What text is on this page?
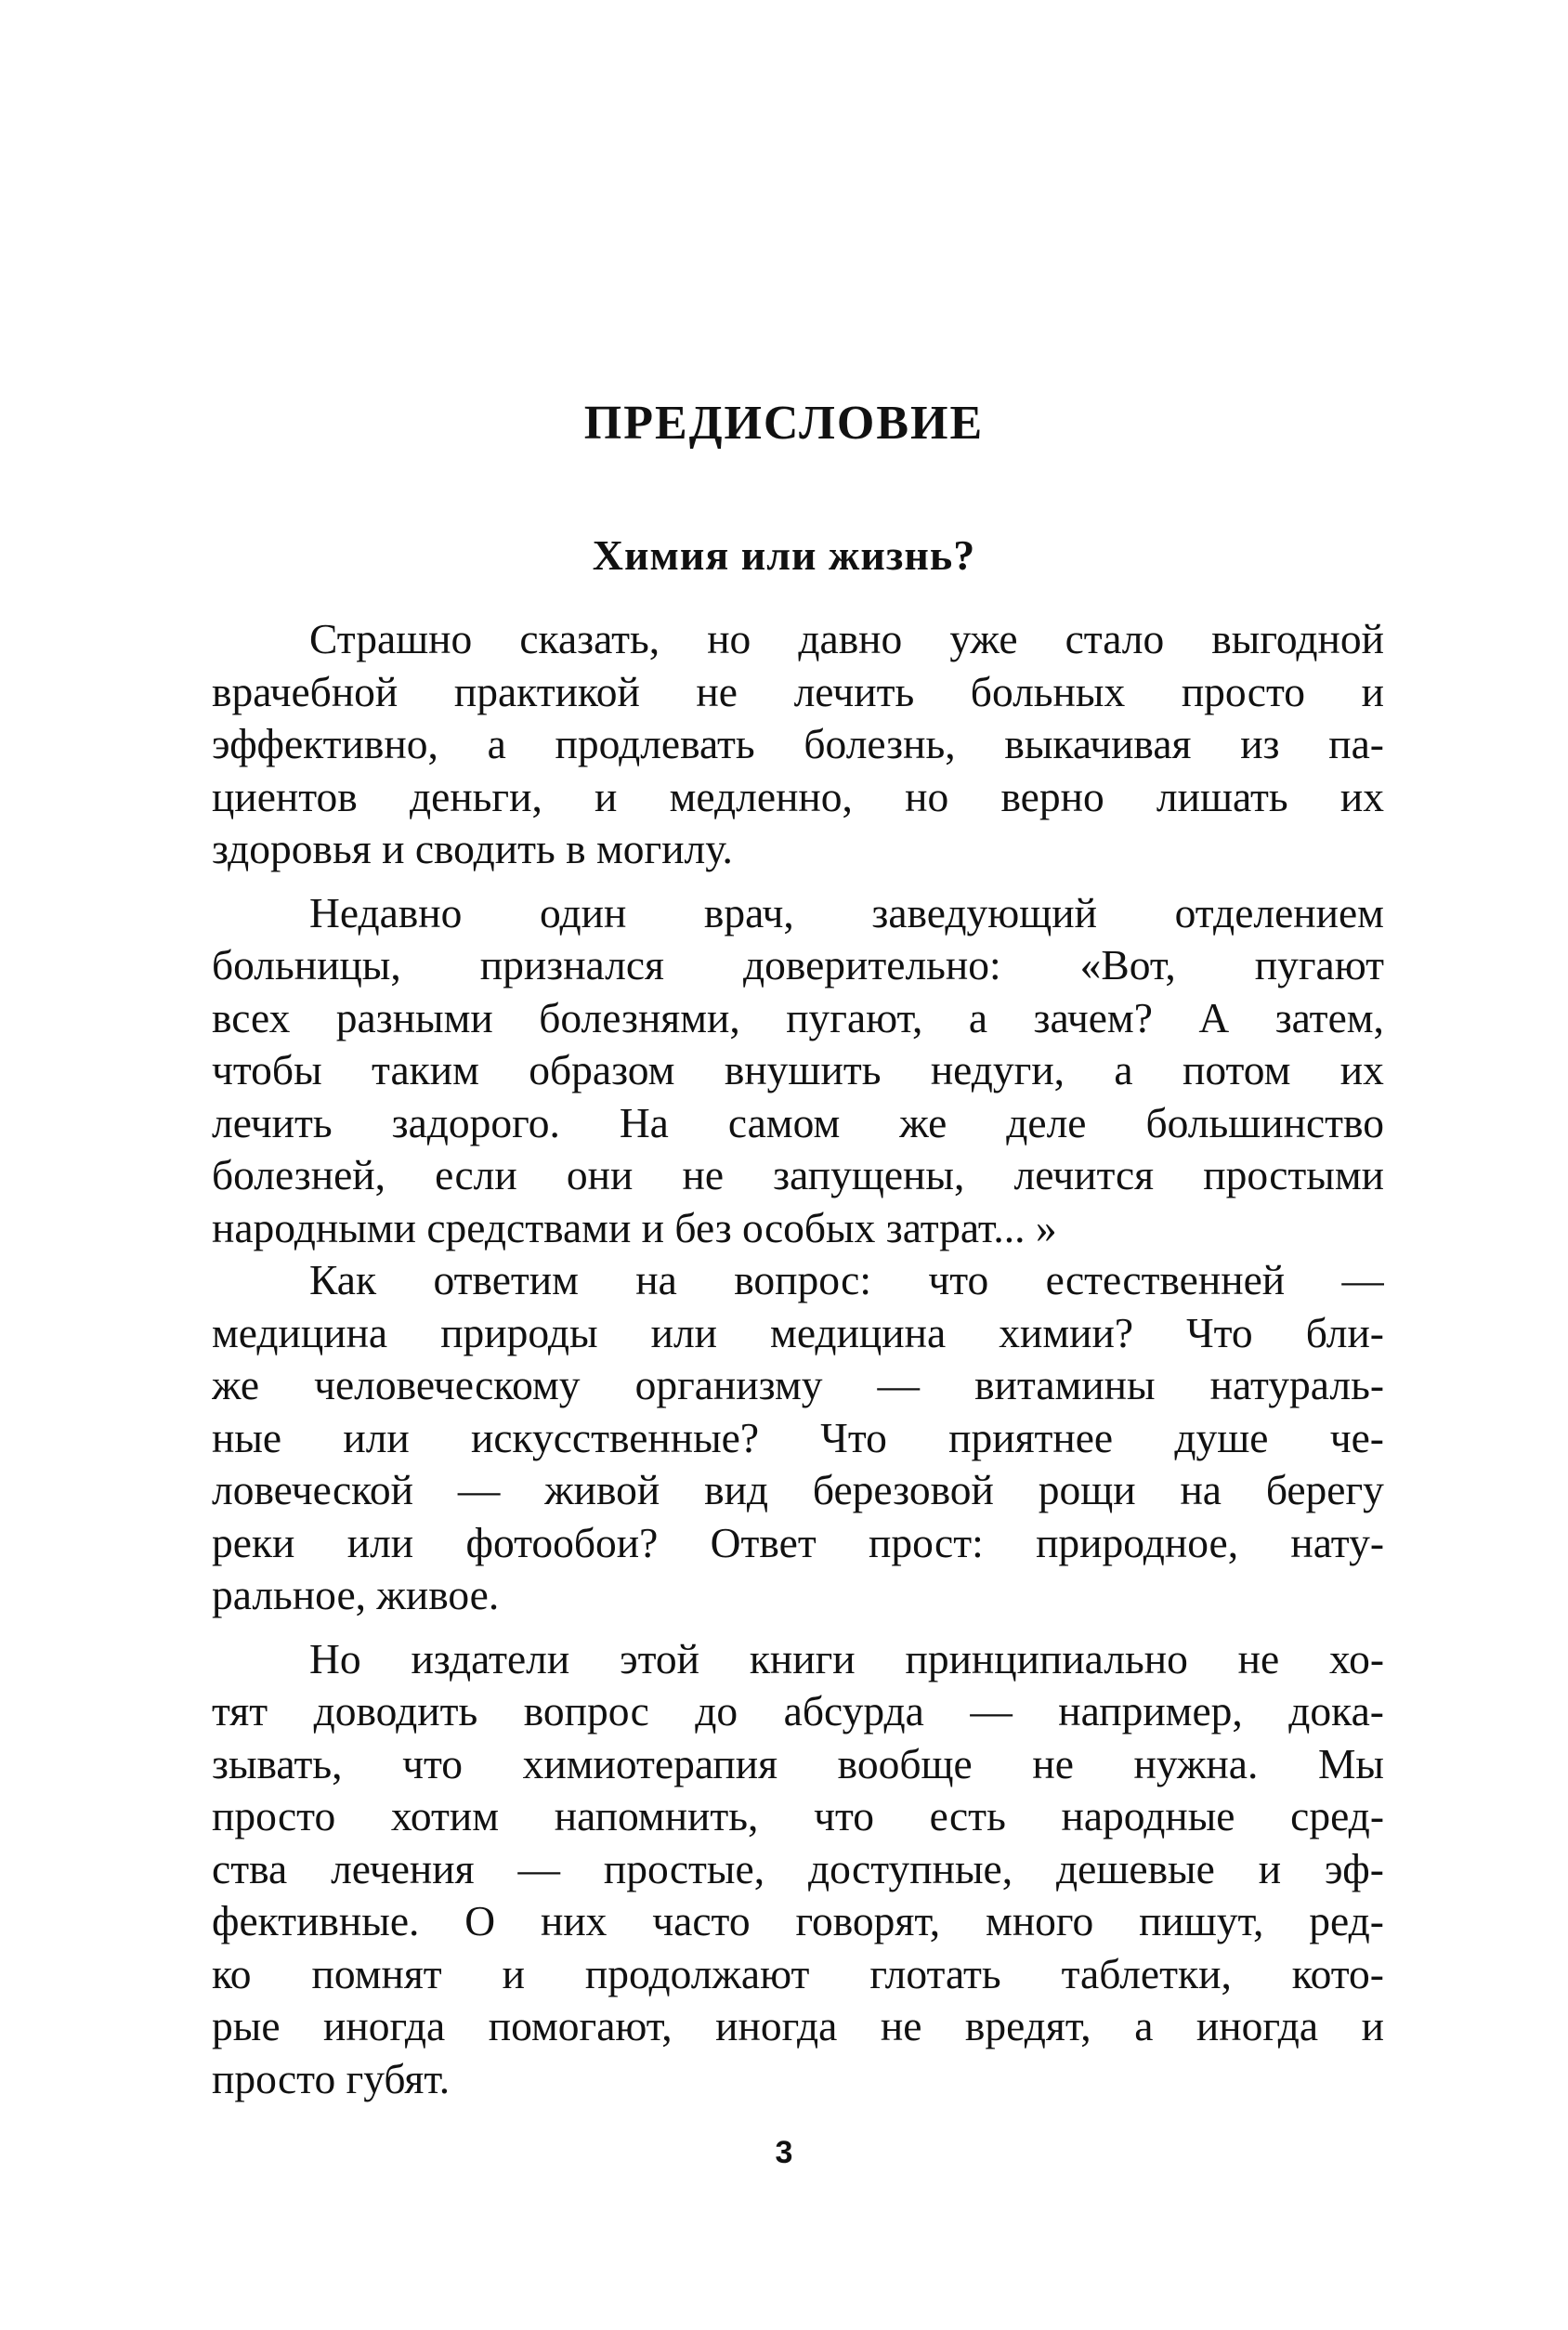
ПРЕДИСЛОВИЕ
Химия или жизнь?

Страшно сказать, но давно уже стало выгодной
врачебной практикой не лечить больных просто и
эффективно, а продлевать болезнь, выкачивая из па-
циентов деньги, и медленно, но верно лишать их
здоровья и сводить в могилу.

Недавно один врач, заведующий отделением
больницы, признался доверительно: «Вот, пугают
всех разными болезнями, пугают, а зачем? А затем,
чтобы таким образом внушить недуги, а потом их
лечить задорого. На самом же деле большинство
болезней, если они не запущены, лечится простыми
народными средствами и без особых затрат... »

Как ответим на вопрос: что естественней —
медицина природы или медицина химии? Что бли-
же человеческому организму — витамины натураль-
ные или искусственные? Что приятнее душе че-
ловеческой — живой вид березовой рощи на берегу
реки или фотообои? Ответ прост: природное, нату-
ральное, живое.

Но издатели этой книги принципиально не хо-
тят доводить вопрос до абсурда — например, дока-
зывать, что химиотерапия вообще не нужна. Мы
просто хотим напомнить, что есть народные сред-
ства лечения — простые, доступные, дешевые и эф-
фективные. О них часто говорят, много пишут, ред-
ко помнят и продолжают глотать таблетки, кото-
рые иногда помогают, иногда не вредят, а иногда и
просто губят.

3
